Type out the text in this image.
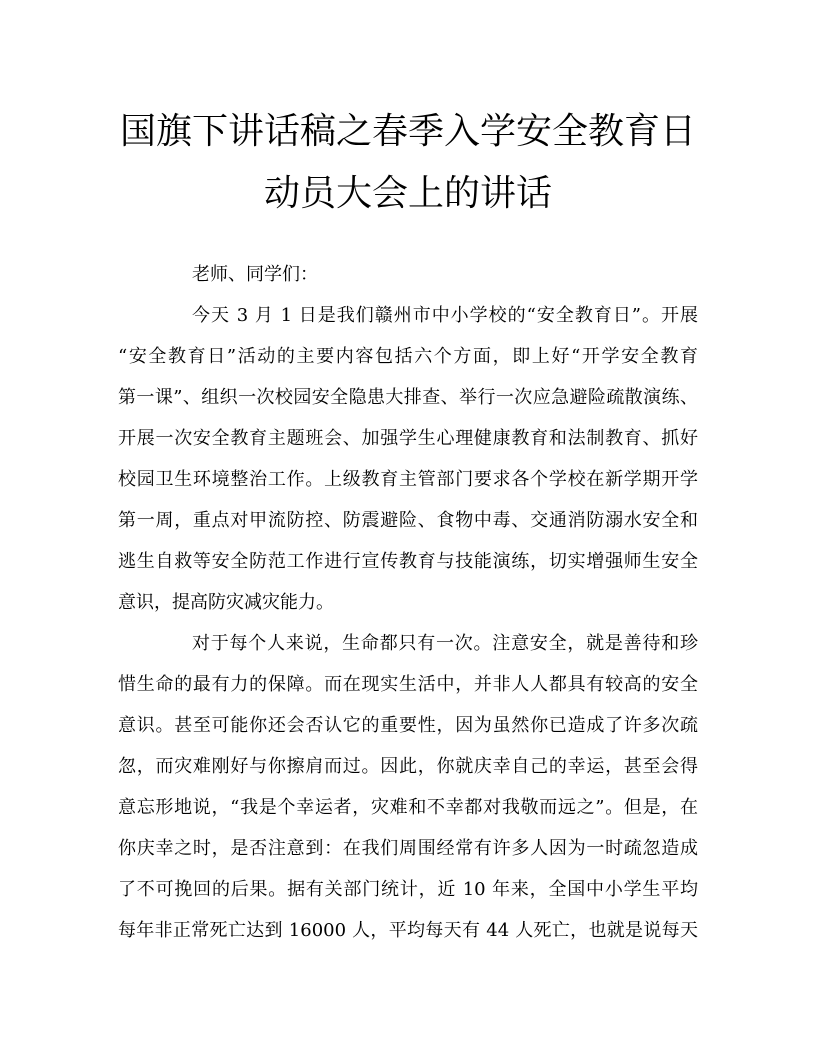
国旗下讲话稿之春季入学安全教育日
动员大会上的讲话

老师、同学们：

今天 3 月 1 日是我们赣州市中小学校的“安全教育日”。开展
“安全教育日”活动的主要内容包括六个方面，即上好“开学安全教育
第一课”、组织一次校园安全隐患大排查、举行一次应急避险疏散演练、
开展一次安全教育主题班会、加强学生心理健康教育和法制教育、抓好
校园卫生环境整治工作。上级教育主管部门要求各个学校在新学期开学
第一周，重点对甲流防控、防震避险、食物中毒、交通消防溺水安全和
逃生自救等安全防范工作进行宣传教育与技能演练，切实增强师生安全
意识，提高防灾减灾能力。

对于每个人来说，生命都只有一次。注意安全，就是善待和珍
惜生命的最有力的保障。而在现实生活中，并非人人都具有较高的安全
意识。甚至可能你还会否认它的重要性，因为虽然你已造成了许多次疏
忽，而灾难刚好与你擦肩而过。因此，你就庆幸自己的幸运，甚至会得
意忘形地说，“我是个幸运者，灾难和不幸都对我敬而远之”。但是，在
你庆幸之时，是否注意到：在我们周围经常有许多人因为一时疏忽造成
了不可挽回的后果。据有关部门统计，近 10 年来，全国中小学生平均
每年非正常死亡达到 16000 人，平均每天有 44 人死亡，也就是说每天
